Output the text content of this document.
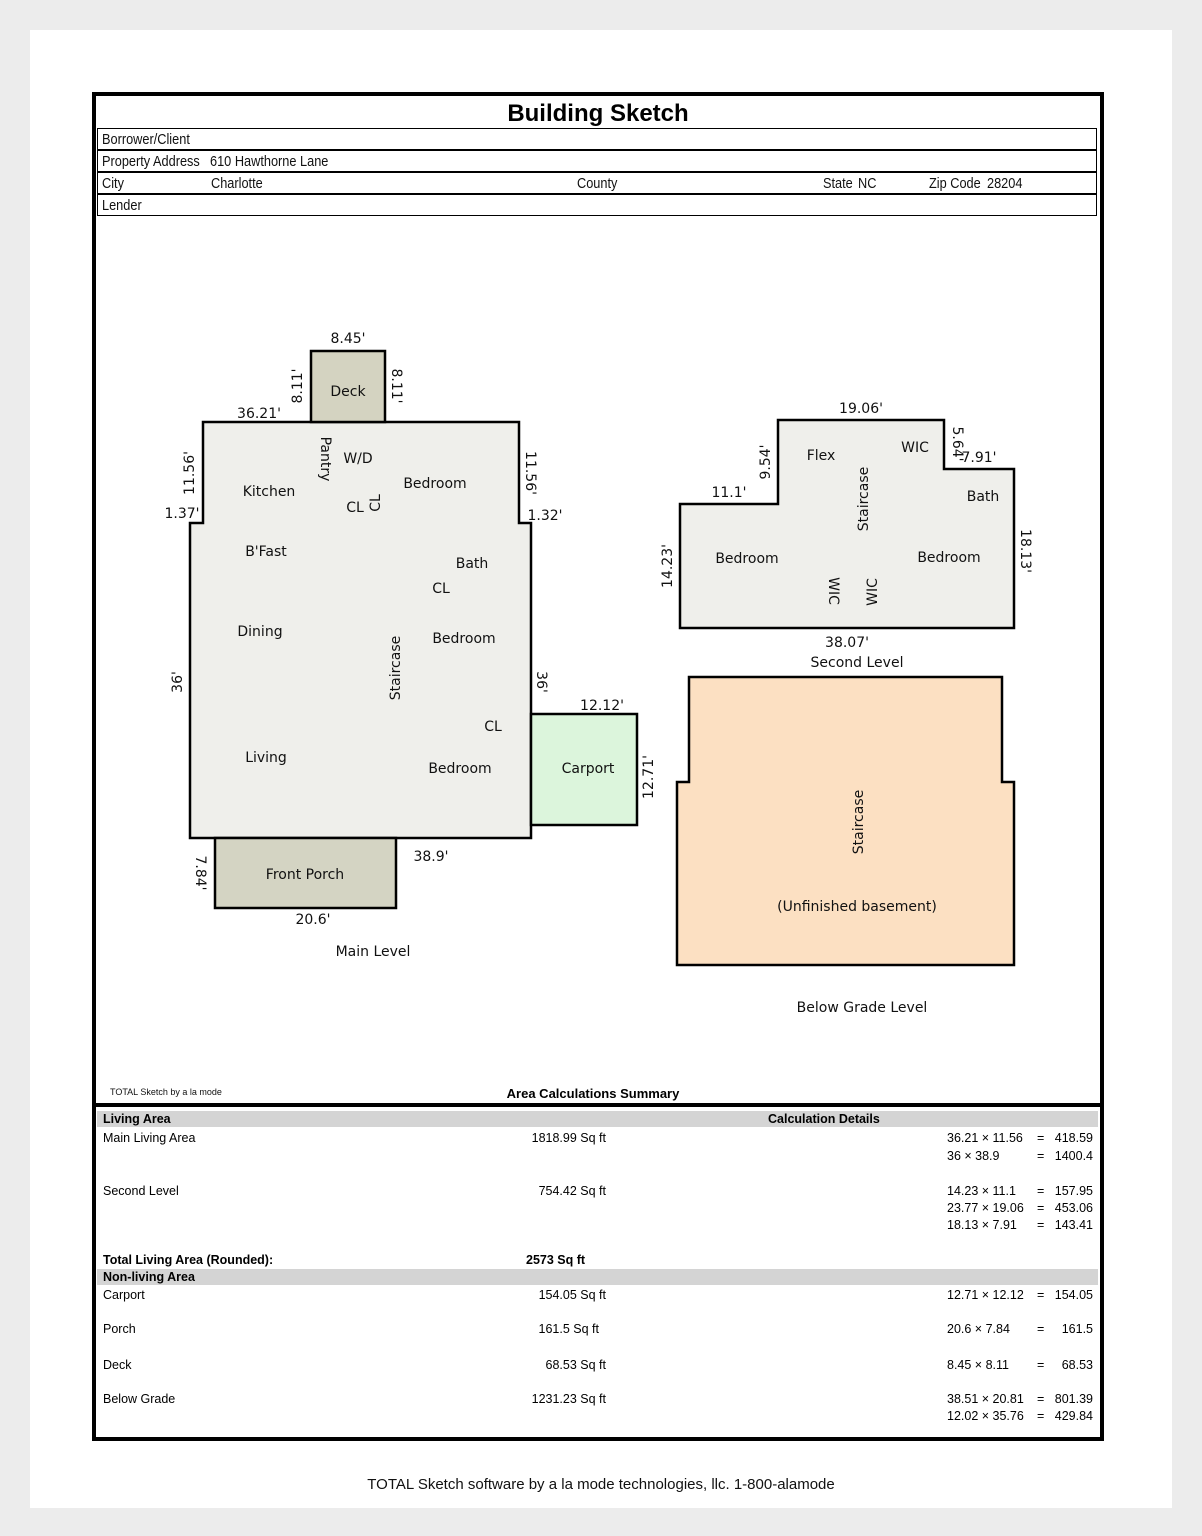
Building Sketch
Borrower/Client
Property Address 610 Hawthorne Lane
City	Charlotte	County	State NC	Zip Code 28204
Lender
8.45'
8.11'	8.11'
36.21'
11.56'	11.56'
1.37'	1.32'
36'	36'
12.12'
12.71'
38.9'
7.84'
20.6'
Main Level
Deck
Pantry W/D
Kitchen
CL CL
Bedroom
B'Fast
Bath
CL
Dining
Staircase Bedroom
CL
Living
Bedroom	Carport
Front Porch
19.06'
9.54'
5.64'
7.91'
11.1'
14.23'	18.13'
38.07'
Second Level
Flex	WIC
Bath
Staircase
Bedroom	Bedroom
WIC WIC
Staircase
(Unfinished basement)
Below Grade Level
TOTAL Sketch by a la mode	Area Calculations Summary
Living Area	Calculation Details
Main Living Area	1818.99 Sq ft	36.21 × 11.56 = 418.59
36 × 38.9	= 1400.4
Second Level	754.42 Sq ft	14.23 × 11.1 = 157.95
23.77 × 19.06 = 453.06
18.13 × 7.91 = 143.41
Total Living Area (Rounded):	2573 Sq ft
Non-living Area
Carport	154.05 Sq ft	12.71 × 12.12 = 154.05
Porch	161.5 Sq ft	20.6 × 7.84 =	161.5
Deck	68.53 Sq ft	8.45 × 8.11 =	68.53
Below Grade	1231.23 Sq ft	38.51 × 20.81 = 801.39
12.02 × 35.76 = 429.84
TOTAL Sketch software by a la mode technologies, llc. 1-800-alamode
